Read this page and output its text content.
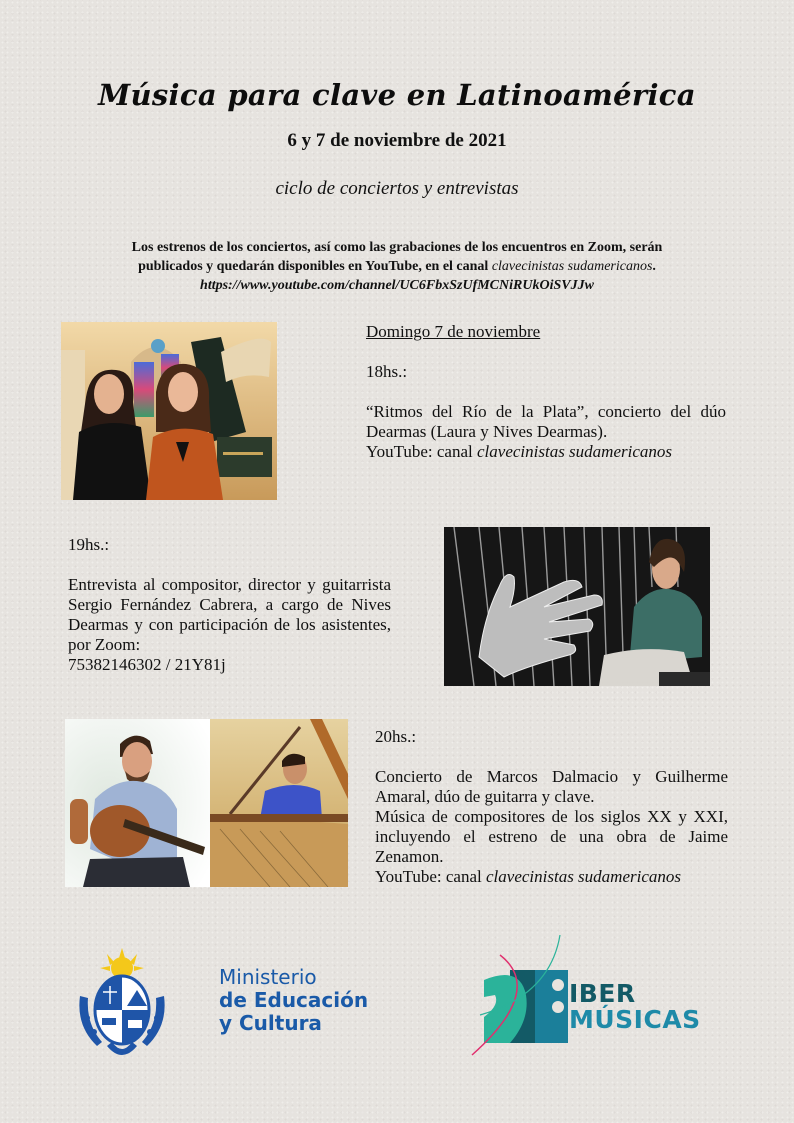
Música para clave en Latinoamérica
6 y 7 de noviembre de 2021
ciclo de conciertos y entrevistas
Los estrenos de los conciertos, así como las grabaciones de los encuentros en Zoom, serán
publicados y quedarán disponibles en YouTube, en el canal clavecinistas sudamericanos.
https://www.youtube.com/channel/UC6FbxSzUfMCNiRUkOiSVJJw

Domingo 7 de noviembre

18hs.:

“Ritmos del Río de la Plata”, concierto del dúo Dearmas (Laura y Nives Dearmas).

YouTube: canal clavecinistas sudamericanos

19hs.:

Entrevista al compositor, director y guitarrista Sergio Fernández Cabrera, a cargo de Nives Dearmas y con participación de los asistentes, por Zoom:

75382146302 / 21Y81j

20hs.:

Concierto de Marcos Dalmacio y Guilherme Amaral, dúo de guitarra y clave.

Música de compositores de los siglos XX y XXI, incluyendo el estreno de una obra de Jaime Zenamon.

YouTube: canal clavecinistas sudamericanos

Ministerio
de Educación
y Cultura
IBER
MÚSICAS
